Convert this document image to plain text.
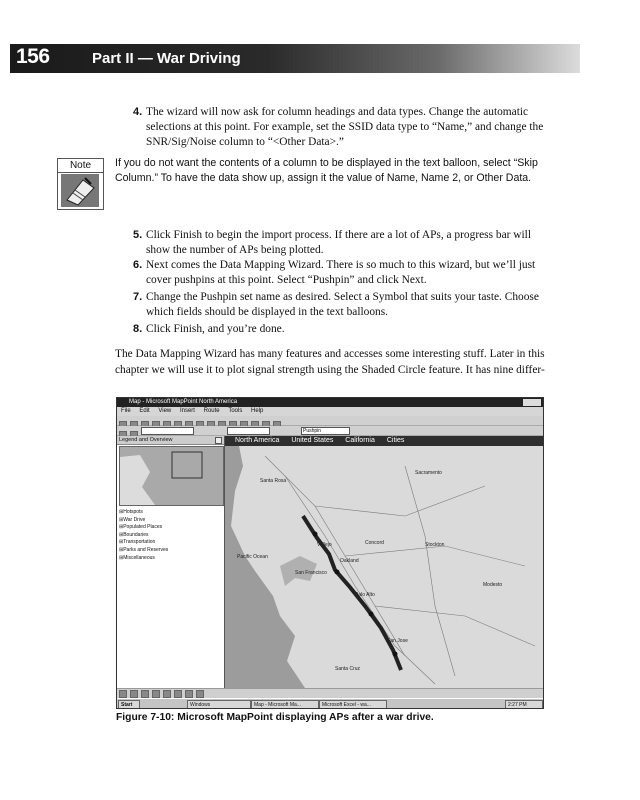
156	Part II — War Driving
4. The wizard will now ask for column headings and data types. Change the automatic selections at this point. For example, set the SSID data type to “Name,” and change the SNR/Sig/Noise column to “<Other Data>.”
Note	If you do not want the contents of a column to be displayed in the text balloon, select “Skip Column.” To have the data show up, assign it the value of Name, Name 2, or Other Data.
5. Click Finish to begin the import process. If there are a lot of APs, a progress bar will show the number of APs being plotted.
6. Next comes the Data Mapping Wizard. There is so much to this wizard, but we’ll just cover pushpins at this point. Select “Pushpin” and click Next.
7. Change the Pushpin set name as desired. Select a Symbol that suits your taste. Choose which fields should be displayed in the text balloons.
8. Click Finish, and you’re done.
The Data Mapping Wizard has many features and accesses some interesting stuff. Later in this chapter we will use it to plot signal strength using the Shaded Circle feature. It has nine differ-
Map - Microsoft MapPoint North America
File Edit View Insert Route Tools Help
Pushpin
Legend and Overview
⊞ Hotspots
⊞ War Drive
⊞ Populated Places
⊞ Boundaries
⊞ Transportation
⊞ Parks and Reserves
⊞ Miscellaneous
North America United States California Cities
Sacramento
San Francisco
Oakland
San Jose
Santa Rosa
Stockton
Modesto
Vallejo	Concord
Palo Alto
Pacific Ocean
Santa Cruz
Start	Windows	Map - Microsoft Ma...	Microsoft Excel - wa...	2:27 PM
Figure 7-10: Microsoft MapPoint displaying APs after a war drive.
